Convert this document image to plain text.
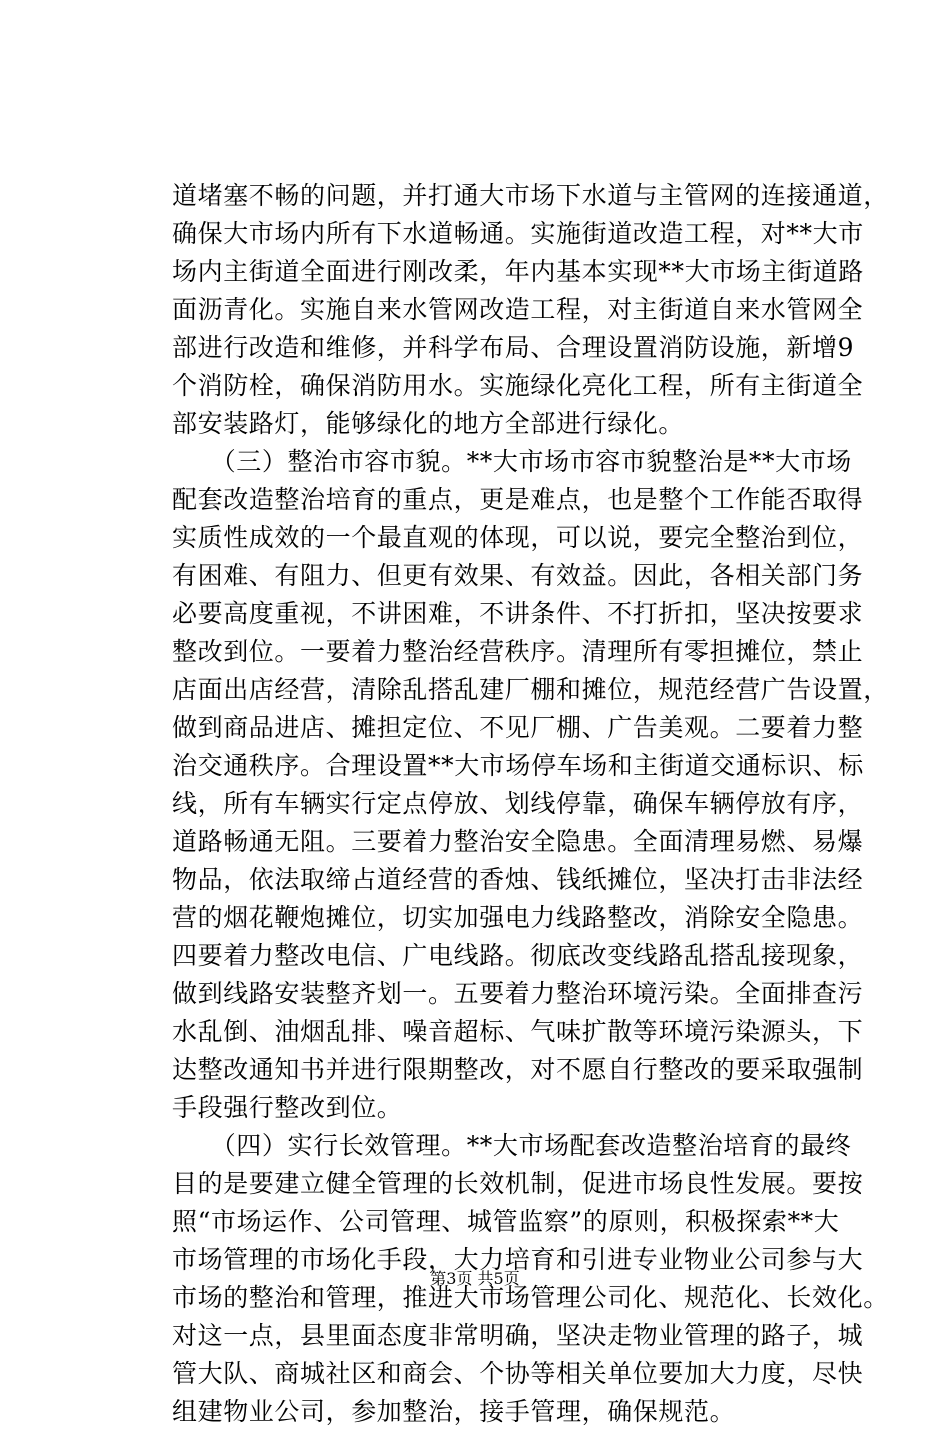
道堵塞不畅的问题，并打通大市场下水道与主管网的连接通道，
确保大市场内所有下水道畅通。实施街道改造工程，对**大市
场内主街道全面进行刚改柔，年内基本实现**大市场主街道路
面沥青化。实施自来水管网改造工程，对主街道自来水管网全
部进行改造和维修，并科学布局、合理设置消防设施，新增9
个消防栓，确保消防用水。实施绿化亮化工程，所有主街道全
部安装路灯，能够绿化的地方全部进行绿化。
　　（三）整治市容市貌。**大市场市容市貌整治是**大市场
配套改造整治培育的重点，更是难点，也是整个工作能否取得
实质性成效的一个最直观的体现，可以说，要完全整治到位，
有困难、有阻力、但更有效果、有效益。因此，各相关部门务
必要高度重视，不讲困难，不讲条件、不打折扣，坚决按要求
整改到位。一要着力整治经营秩序。清理所有零担摊位，禁止
店面出店经营，清除乱搭乱建厂棚和摊位，规范经营广告设置，
做到商品进店、摊担定位、不见厂棚、广告美观。二要着力整
治交通秩序。合理设置**大市场停车场和主街道交通标识、标
线，所有车辆实行定点停放、划线停靠，确保车辆停放有序，
道路畅通无阻。三要着力整治安全隐患。全面清理易燃、易爆
物品，依法取缔占道经营的香烛、钱纸摊位，坚决打击非法经
营的烟花鞭炮摊位，切实加强电力线路整改，消除安全隐患。
四要着力整改电信、广电线路。彻底改变线路乱搭乱接现象，
做到线路安装整齐划一。五要着力整治环境污染。全面排查污
水乱倒、油烟乱排、噪音超标、气味扩散等环境污染源头，下
达整改通知书并进行限期整改，对不愿自行整改的要采取强制
手段强行整改到位。
　　（四）实行长效管理。**大市场配套改造整治培育的最终
目的是要建立健全管理的长效机制，促进市场良性发展。要按
照“市场运作、公司管理、城管监察”的原则，积极探索**大
市场管理的市场化手段，大力培育和引进专业物业公司参与大
市场的整治和管理，推进大市场管理公司化、规范化、长效化。
对这一点，县里面态度非常明确，坚决走物业管理的路子，城
管大队、商城社区和商会、个协等相关单位要加大力度，尽快
组建物业公司，参加整治，接手管理，确保规范。
第3页 共5页
